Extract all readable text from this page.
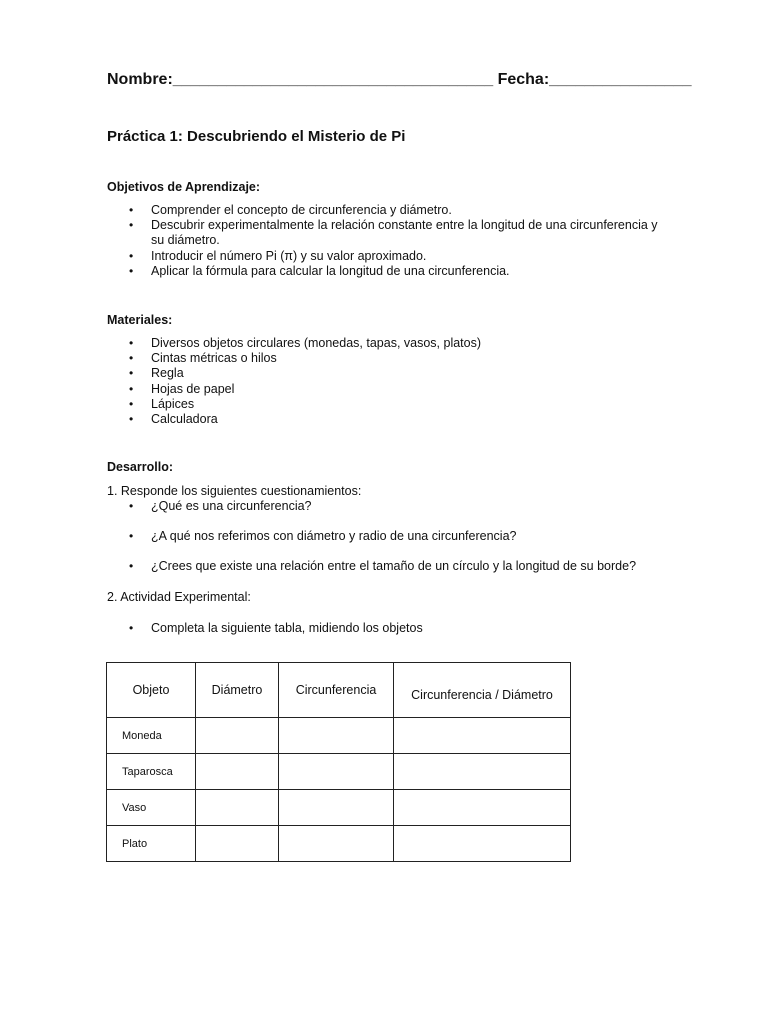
Nombre:____________________________________ Fecha:________________
Práctica 1: Descubriendo el Misterio de Pi
Objetivos de Aprendizaje:
• Comprender el concepto de circunferencia y diámetro.
• Descubrir experimentalmente la relación constante entre la longitud de una circunferencia y su diámetro.
• Introducir el número Pi (π) y su valor aproximado.
• Aplicar la fórmula para calcular la longitud de una circunferencia.
Materiales:
• Diversos objetos circulares (monedas, tapas, vasos, platos)
• Cintas métricas o hilos
• Regla
• Hojas de papel
• Lápices
• Calculadora
Desarrollo:
1. Responde los siguientes cuestionamientos:
• ¿Qué es una circunferencia?
• ¿A qué nos referimos con diámetro y radio de una circunferencia?
• ¿Crees que existe una relación entre el tamaño de un círculo y la longitud de su borde?
2. Actividad Experimental:
• Completa la siguiente tabla, midiendo los objetos
Objeto	Diámetro	Circunferencia	Circunferencia / Diámetro
Moneda			
Taparosca			
Vaso			
Plato			
